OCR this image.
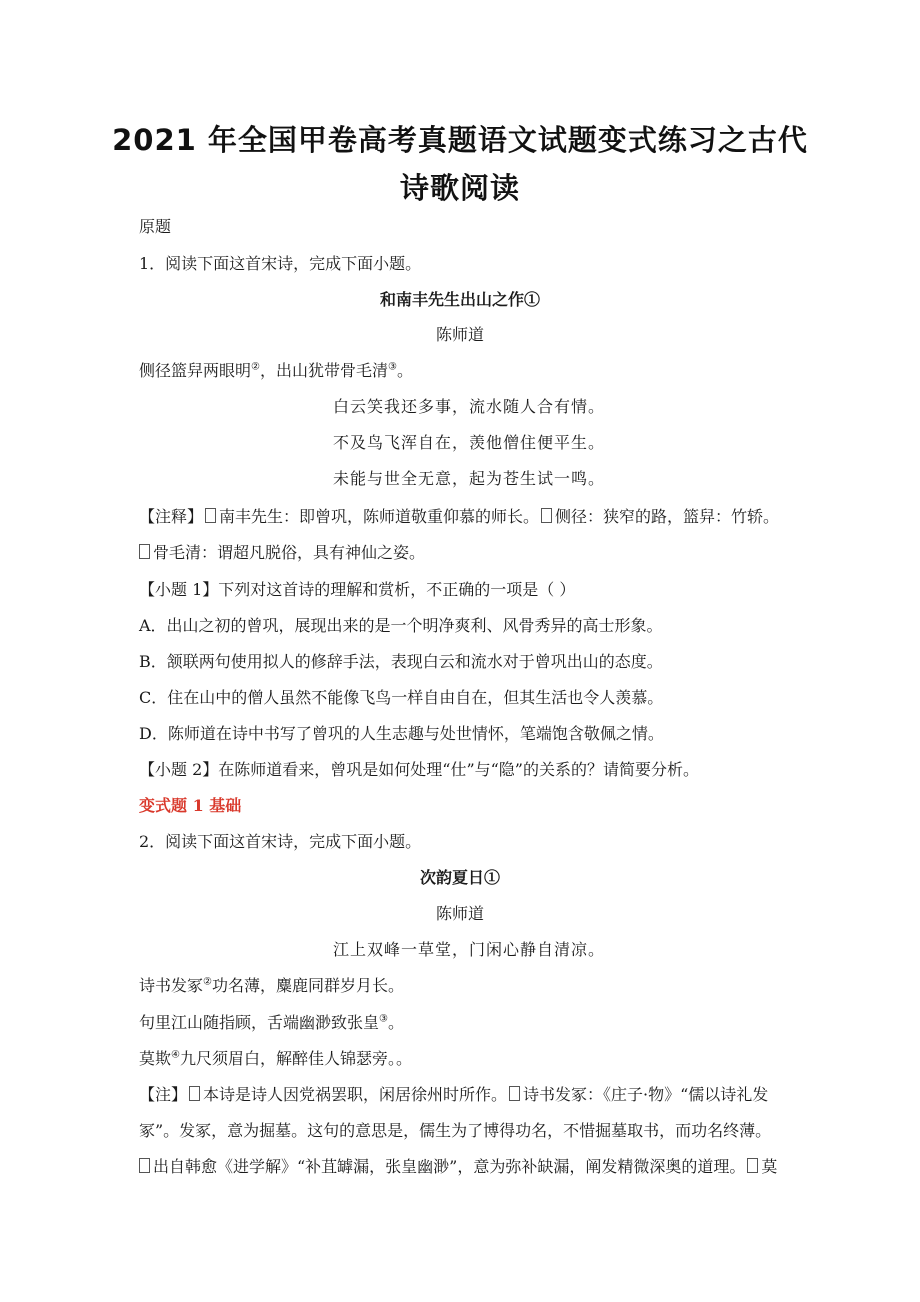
2021 年全国甲卷高考真题语文试题变式练习之古代
诗歌阅读
原题
1．阅读下面这首宋诗，完成下面小题。
和南丰先生出山之作①
陈师道
侧径篮舁两眼明②，出山犹带骨毛清③。
白云笑我还多事，流水随人合有情。
不及鸟飞浑自在，羡他僧住便平生。
未能与世全无意，起为苍生试一鸣。
【注释】 南丰先生：即曾巩，陈师道敬重仰慕的师长。 侧径：狭窄的路，篮舁：竹轿。
骨毛清：谓超凡脱俗，具有神仙之姿。
【小题 1】下列对这首诗的理解和赏析，不正确的一项是（ ）
A．出山之初的曾巩，展现出来的是一个明净爽利、风骨秀异的高士形象。
B．颔联两句使用拟人的修辞手法，表现白云和流水对于曾巩出山的态度。
C．住在山中的僧人虽然不能像飞鸟一样自由自在，但其生活也令人羡慕。
D．陈师道在诗中书写了曾巩的人生志趣与处世情怀，笔端饱含敬佩之情。
【小题 2】在陈师道看来，曾巩是如何处理“仕”与“隐”的关系的？请简要分析。
变式题 1 基础
2．阅读下面这首宋诗，完成下面小题。
次韵夏日①
陈师道
江上双峰一草堂，门闲心静自清凉。
诗书发冢②功名薄，麋鹿同群岁月长。
句里江山随指顾，舌端幽渺致张皇③。
莫欺④九尺须眉白，解醉佳人锦瑟旁。。
【注】 本诗是诗人因党祸罢职，闲居徐州时所作。 诗书发冢：《庄子·物》“儒以诗礼发
冢”。发冢，意为掘墓。这句的意思是，儒生为了博得功名，不惜掘墓取书，而功名终薄。
出自韩愈《进学解》“补苴罅漏，张皇幽渺”，意为弥补缺漏，阐发精微深奥的道理。 莫
